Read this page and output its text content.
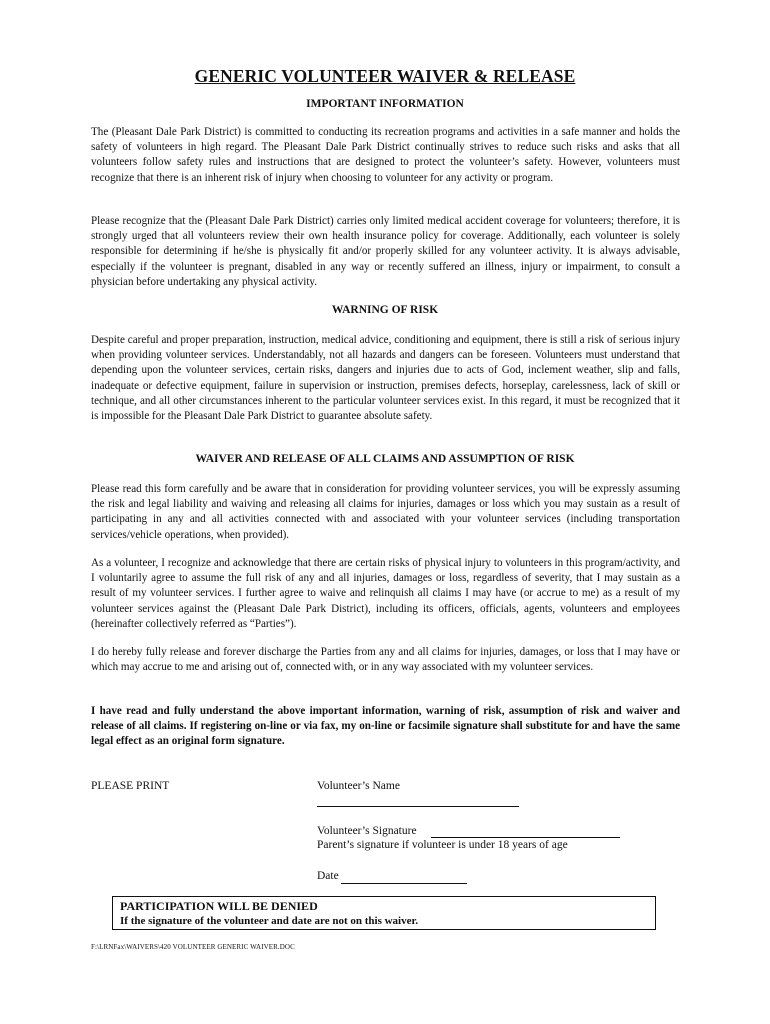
GENERIC VOLUNTEER WAIVER & RELEASE
IMPORTANT INFORMATION

The (Pleasant Dale Park District) is committed to conducting its recreation programs and activities in a safe manner and holds the safety of volunteers in high regard. The Pleasant Dale Park District continually strives to reduce such risks and asks that all volunteers follow safety rules and instructions that are designed to protect the volunteer’s safety. However, volunteers must recognize that there is an inherent risk of injury when choosing to volunteer for any activity or program.

Please recognize that the (Pleasant Dale Park District) carries only limited medical accident coverage for volunteers; therefore, it is strongly urged that all volunteers review their own health insurance policy for coverage. Additionally, each volunteer is solely responsible for determining if he/she is physically fit and/or properly skilled for any volunteer activity. It is always advisable, especially if the volunteer is pregnant, disabled in any way or recently suffered an illness, injury or impairment, to consult a physician before undertaking any physical activity.

WARNING OF RISK

Despite careful and proper preparation, instruction, medical advice, conditioning and equipment, there is still a risk of serious injury when providing volunteer services. Understandably, not all hazards and dangers can be foreseen. Volunteers must understand that depending upon the volunteer services, certain risks, dangers and injuries due to acts of God, inclement weather, slip and falls, inadequate or defective equipment, failure in supervision or instruction, premises defects, horseplay, carelessness, lack of skill or technique, and all other circumstances inherent to the particular volunteer services exist. In this regard, it must be recognized that it is impossible for the Pleasant Dale Park District to guarantee absolute safety.

WAIVER AND RELEASE OF ALL CLAIMS AND ASSUMPTION OF RISK

Please read this form carefully and be aware that in consideration for providing volunteer services, you will be expressly assuming the risk and legal liability and waiving and releasing all claims for injuries, damages or loss which you may sustain as a result of participating in any and all activities connected with and associated with your volunteer services (including transportation services/vehicle operations, when provided).

As a volunteer, I recognize and acknowledge that there are certain risks of physical injury to volunteers in this program/activity, and I voluntarily agree to assume the full risk of any and all injuries, damages or loss, regardless of severity, that I may sustain as a result of my volunteer services. I further agree to waive and relinquish all claims I may have (or accrue to me) as a result of my volunteer services against the (Pleasant Dale Park District), including its officers, officials, agents, volunteers and employees (hereinafter collectively referred as “Parties”).

I do hereby fully release and forever discharge the Parties from any and all claims for injuries, damages, or loss that I may have or which may accrue to me and arising out of, connected with, or in any way associated with my volunteer services.

I have read and fully understand the above important information, warning of risk, assumption of risk and waiver and release of all claims. If registering on-line or via fax, my on-line or facsimile signature shall substitute for and have the same legal effect as an original form signature.

PLEASE PRINT	Volunteer’s Name
Volunteer’s Signature
Parent’s signature if volunteer is under 18 years of age
Date
PARTICIPATION WILL BE DENIED
If the signature of the volunteer and date are not on this waiver.
F:\LRNFax\WAIVERS\420 VOLUNTEER GENERIC WAIVER.DOC
